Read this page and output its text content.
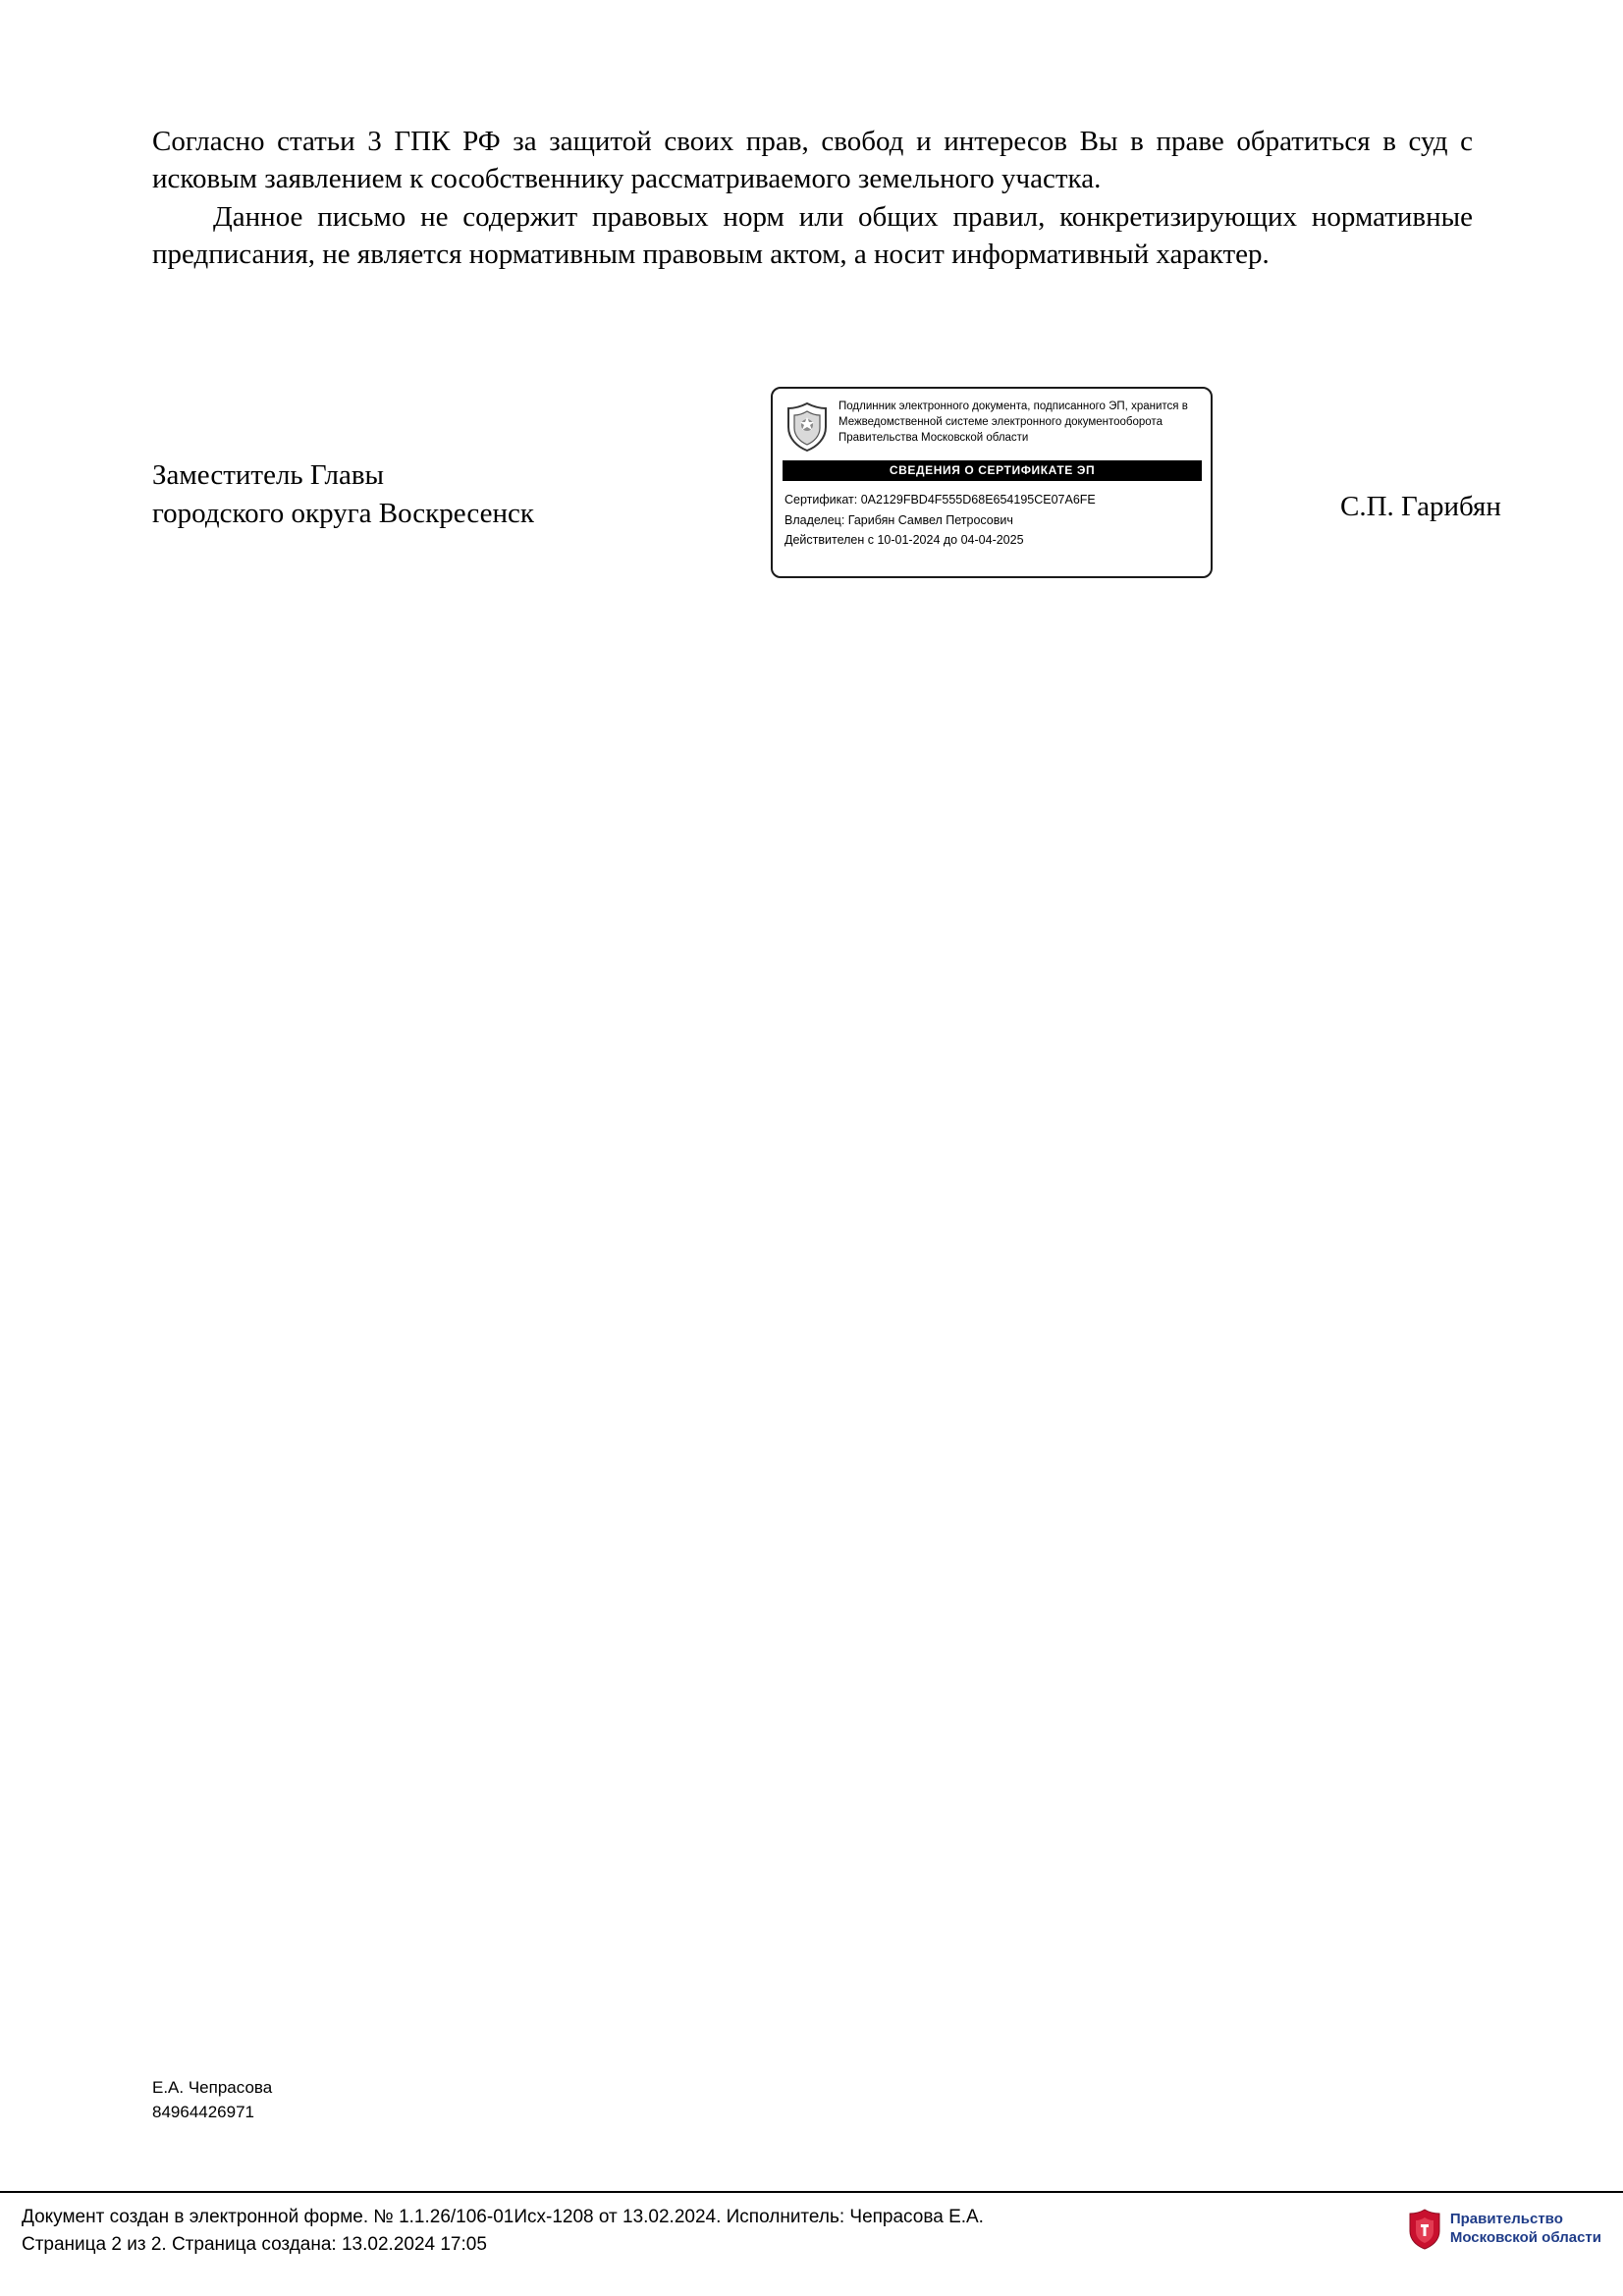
Согласно статьи 3 ГПК РФ за защитой своих прав, свобод и интересов Вы в праве обратиться в суд с исковым заявлением к сособственнику рассматриваемого земельного участка.

Данное письмо не содержит правовых норм или общих правил, конкретизирующих нормативные предписания, не является нормативным правовым актом, а носит информативный характер.

Заместитель Главы
городского округа Воскресенск	С.П. Гарибян
Подлинник электронного документа, подписанного ЭП, хранится в Межведомственной системе электронного документооборота Правительства Московской области
СВЕДЕНИЯ О СЕРТИФИКАТЕ ЭП
Сертификат: 0A2129FBD4F555D68E654195CE07A6FE
Владелец: Гарибян Самвел Петросович
Действителен с 10-01-2024 до 04-04-2025
Е.А. Чепрасова
84964426971
Документ создан в электронной форме. № 1.1.26/106-01Исх-1208 от 13.02.2024. Исполнитель: Чепрасова Е.А.
Страница 2 из 2. Страница создана: 13.02.2024 17:05
Правительство
Московской области
